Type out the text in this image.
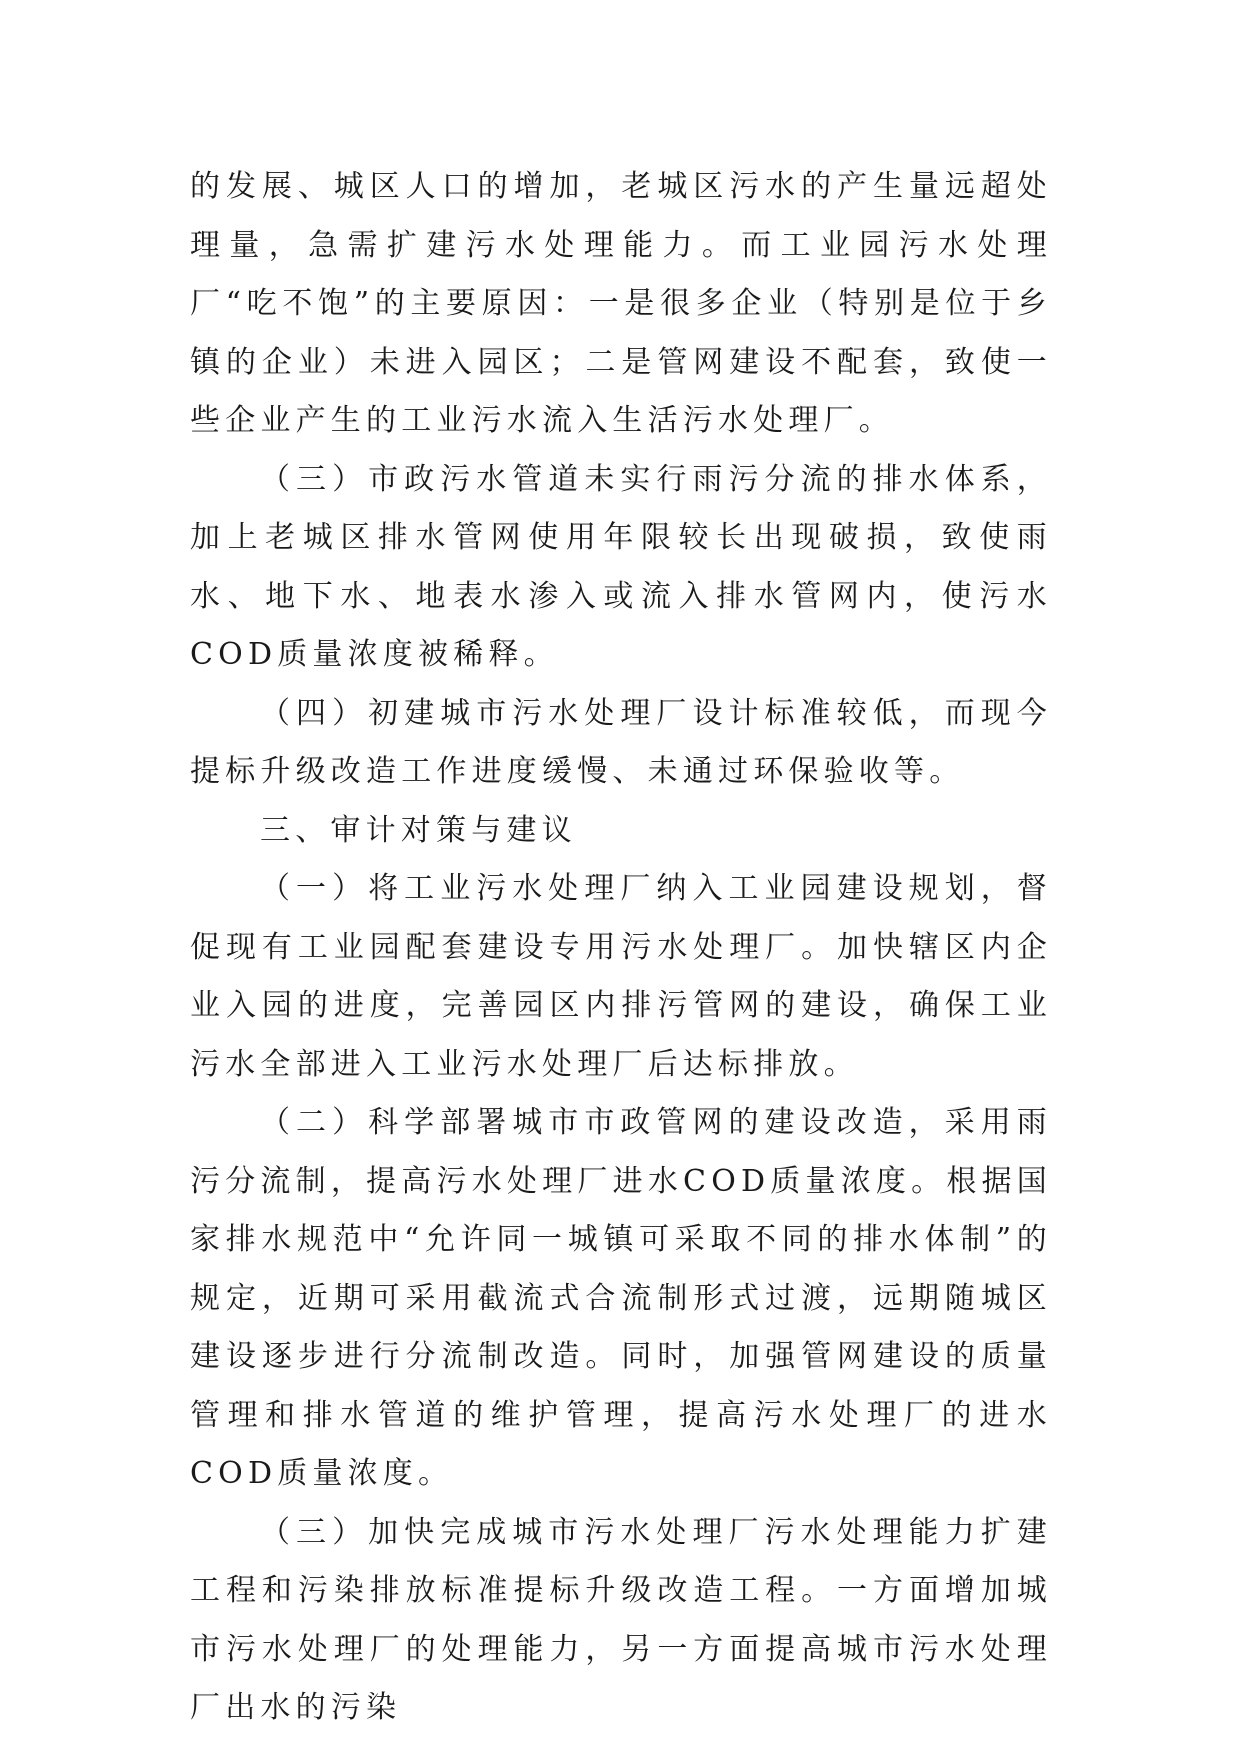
的发展、城区人口的增加，老城区污水的产生量远超处理量，急需扩建污水处理能力。而工业园污水处理厂“吃不饱”的主要原因：一是很多企业（特别是位于乡镇的企业）未进入园区；二是管网建设不配套，致使一些企业产生的工业污水流入生活污水处理厂。

（三）市政污水管道未实行雨污分流的排水体系，加上老城区排水管网使用年限较长出现破损，致使雨水、地下水、地表水渗入或流入排水管网内，使污水COD质量浓度被稀释。

（四）初建城市污水处理厂设计标准较低，而现今提标升级改造工作进度缓慢、未通过环保验收等。

三、审计对策与建议

（一）将工业污水处理厂纳入工业园建设规划，督促现有工业园配套建设专用污水处理厂。加快辖区内企业入园的进度，完善园区内排污管网的建设，确保工业污水全部进入工业污水处理厂后达标排放。

（二）科学部署城市市政管网的建设改造，采用雨污分流制，提高污水处理厂进水COD质量浓度。根据国家排水规范中“允许同一城镇可采取不同的排水体制”的规定，近期可采用截流式合流制形式过渡，远期随城区建设逐步进行分流制改造。同时，加强管网建设的质量管理和排水管道的维护管理，提高污水处理厂的进水COD质量浓度。

（三）加快完成城市污水处理厂污水处理能力扩建工程和污染排放标准提标升级改造工程。一方面增加城市污水处理厂的处理能力，另一方面提高城市污水处理厂出水的污染
